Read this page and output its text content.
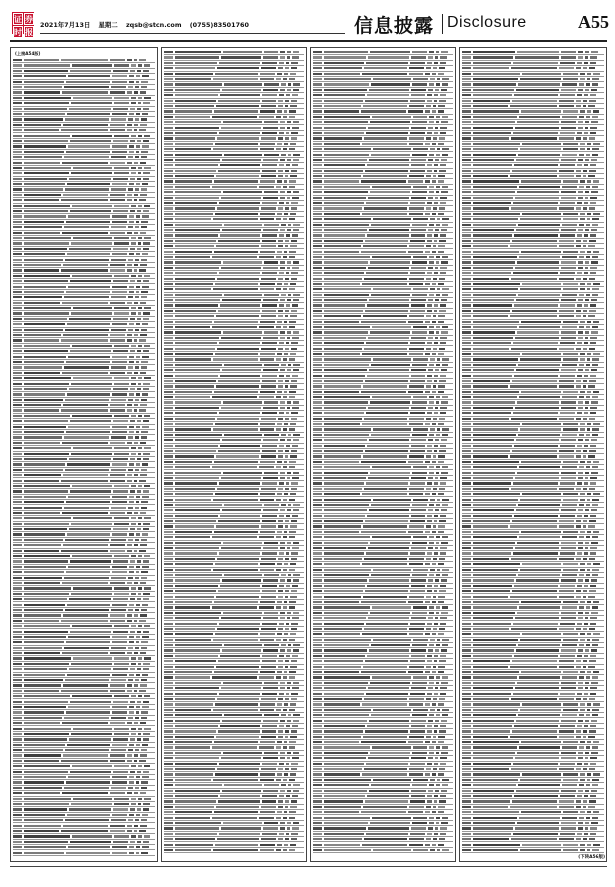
证 券
时 报
2021年7月13日 星期二 zqsb@stcn.com (0755)83501760	信息披露 Disclosure	A55
(上接A54版)
(下转A56版)
